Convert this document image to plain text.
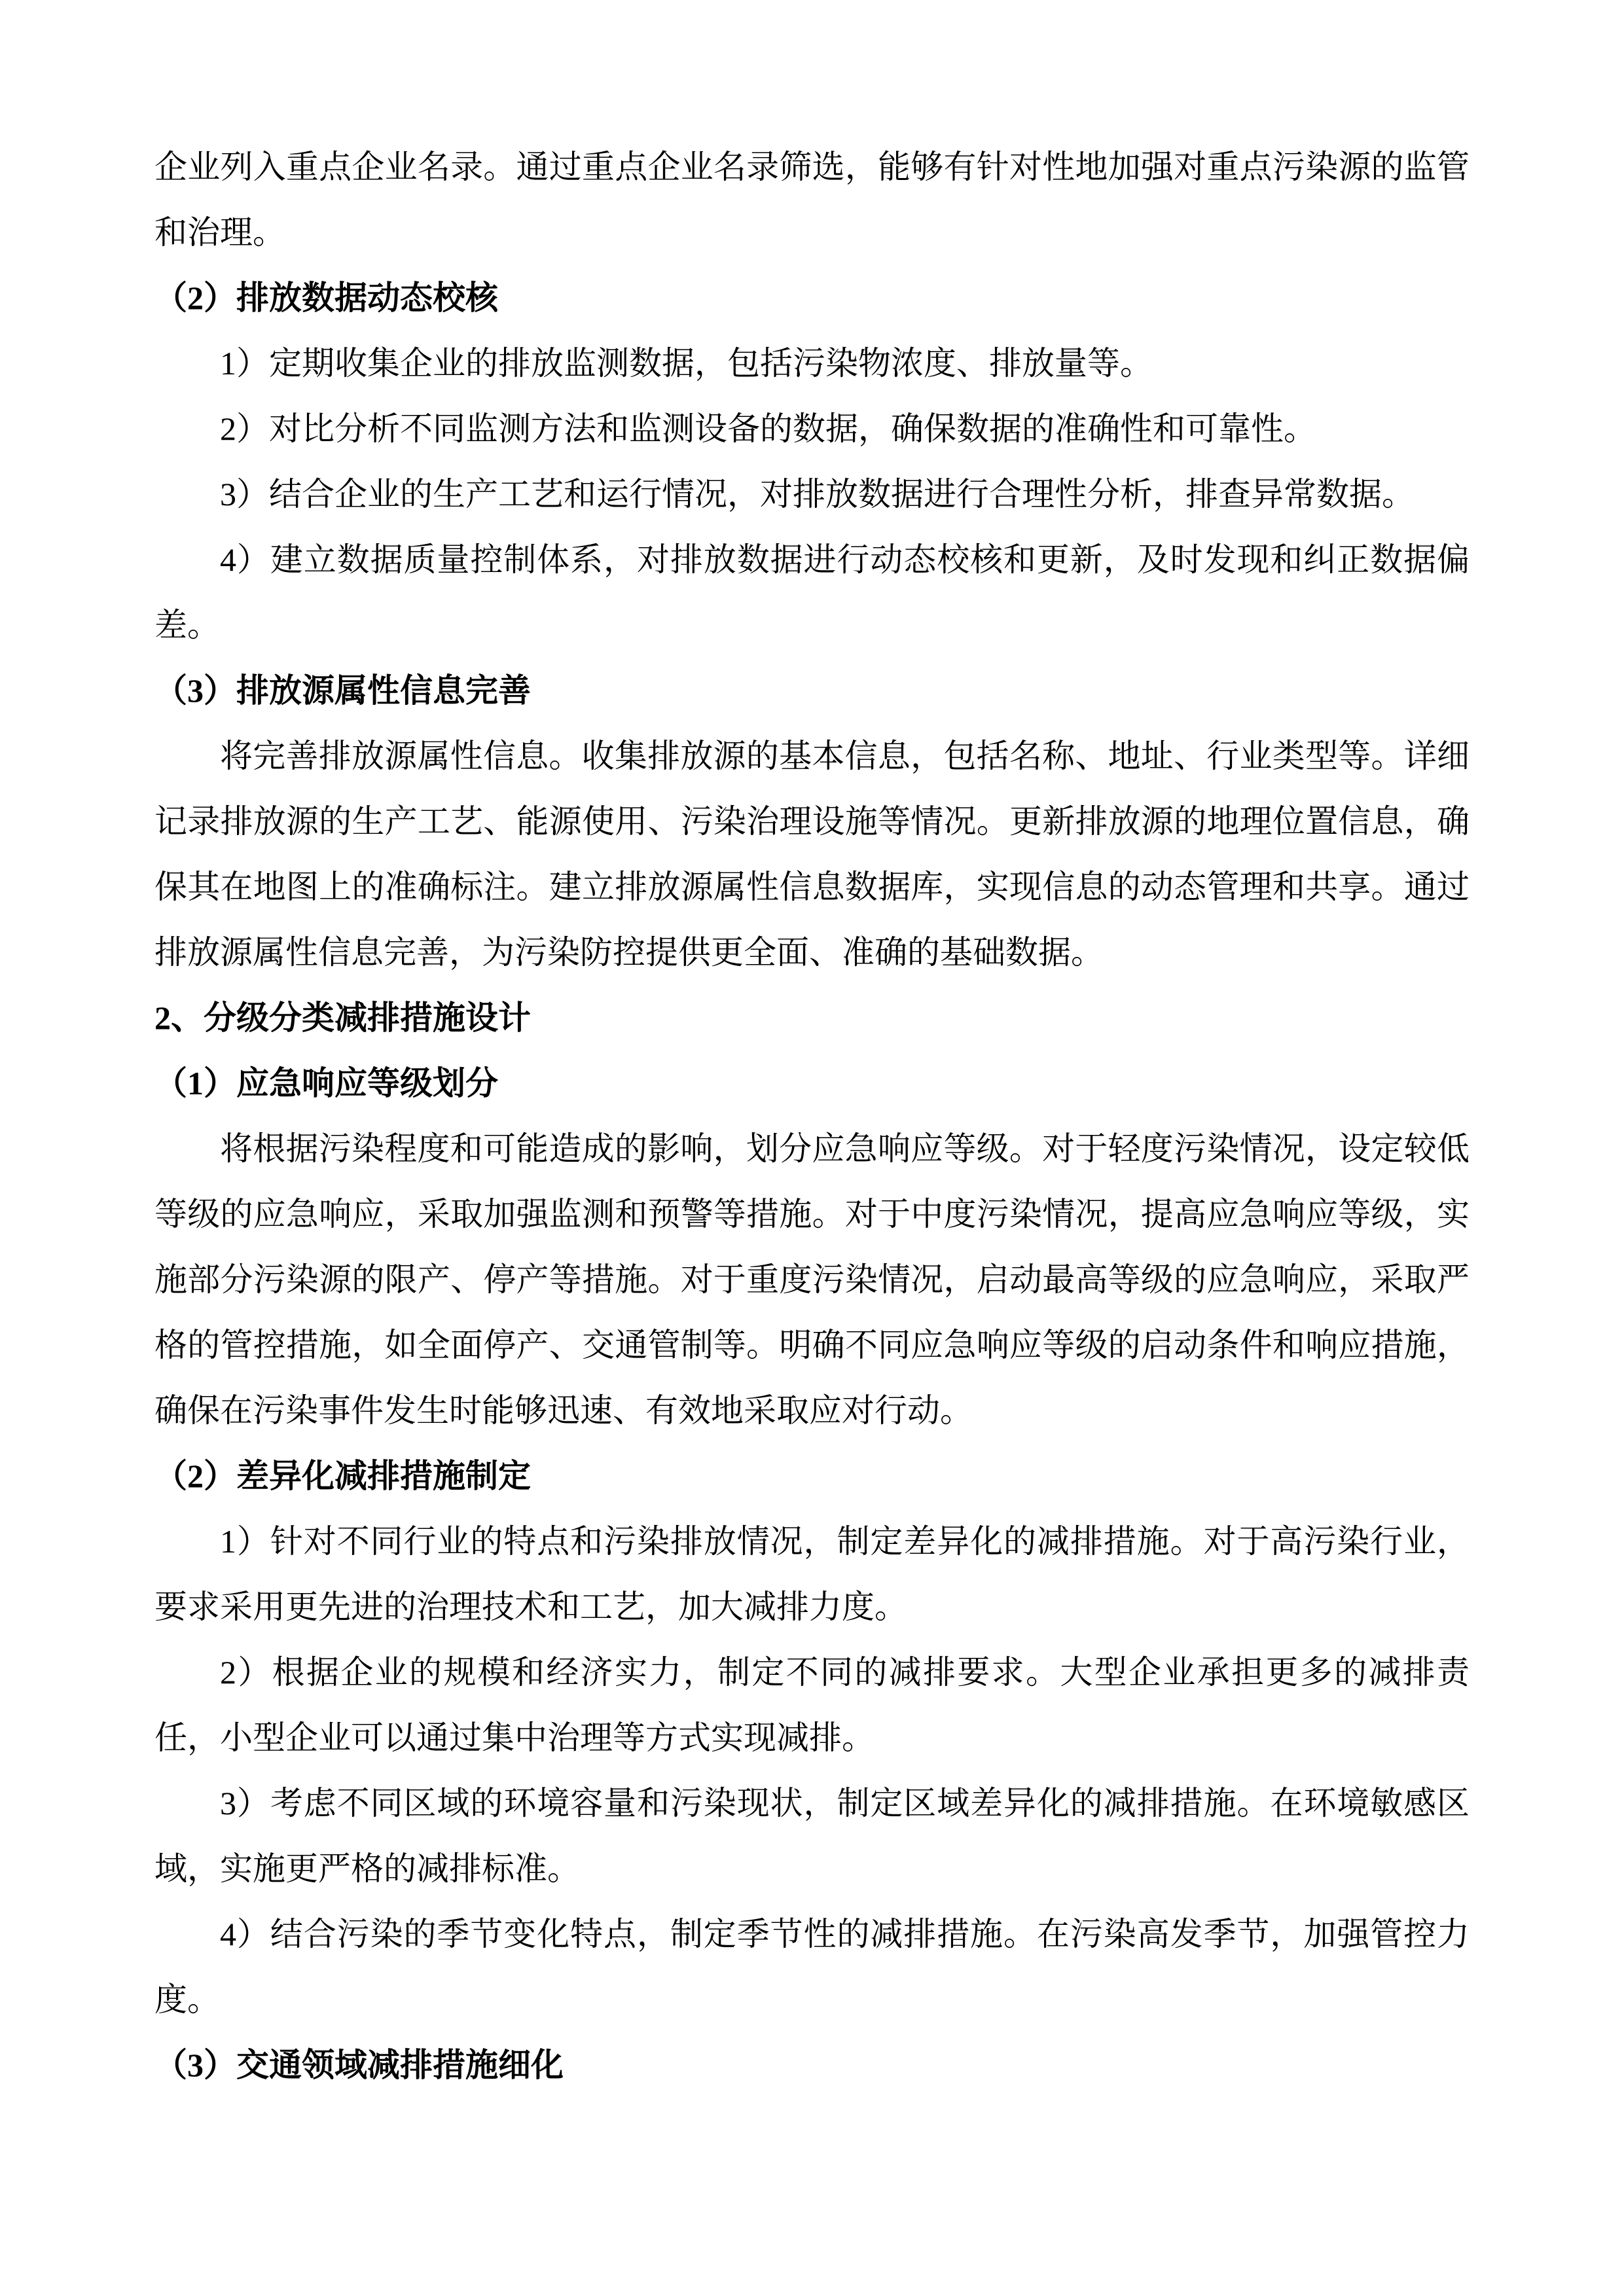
企业列入重点企业名录。通过重点企业名录筛选，能够有针对性地加强对重点污染源的监管和治理。

（2）排放数据动态校核

1）定期收集企业的排放监测数据，包括污染物浓度、排放量等。

2）对比分析不同监测方法和监测设备的数据，确保数据的准确性和可靠性。

3）结合企业的生产工艺和运行情况，对排放数据进行合理性分析，排查异常数据。

4）建立数据质量控制体系，对排放数据进行动态校核和更新，及时发现和纠正数据偏差。

（3）排放源属性信息完善

将完善排放源属性信息。收集排放源的基本信息，包括名称、地址、行业类型等。详细记录排放源的生产工艺、能源使用、污染治理设施等情况。更新排放源的地理位置信息，确保其在地图上的准确标注。建立排放源属性信息数据库，实现信息的动态管理和共享。通过排放源属性信息完善，为污染防控提供更全面、准确的基础数据。

2、分级分类减排措施设计
（1）应急响应等级划分

将根据污染程度和可能造成的影响，划分应急响应等级。对于轻度污染情况，设定较低等级的应急响应，采取加强监测和预警等措施。对于中度污染情况，提高应急响应等级，实施部分污染源的限产、停产等措施。对于重度污染情况，启动最高等级的应急响应，采取严格的管控措施，如全面停产、交通管制等。明确不同应急响应等级的启动条件和响应措施，确保在污染事件发生时能够迅速、有效地采取应对行动。

（2）差异化减排措施制定

1）针对不同行业的特点和污染排放情况，制定差异化的减排措施。对于高污染行业，要求采用更先进的治理技术和工艺，加大减排力度。

2）根据企业的规模和经济实力，制定不同的减排要求。大型企业承担更多的减排责任，小型企业可以通过集中治理等方式实现减排。

3）考虑不同区域的环境容量和污染现状，制定区域差异化的减排措施。在环境敏感区域，实施更严格的减排标准。

4）结合污染的季节变化特点，制定季节性的减排措施。在污染高发季节，加强管控力度。

（3）交通领域减排措施细化
